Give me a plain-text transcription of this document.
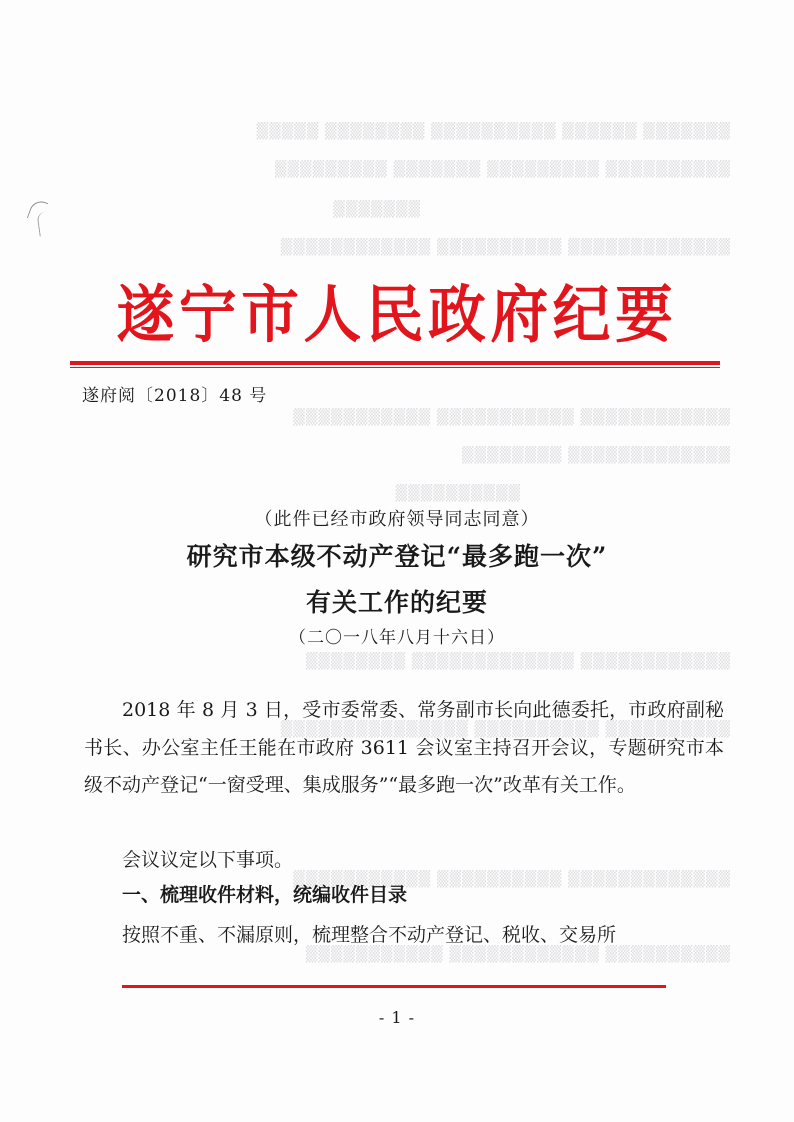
▒▒▒▒▒▒▒ ▒▒▒▒▒▒ ▒▒▒▒▒▒▒▒▒▒ ▒▒▒▒▒▒▒▒ ▒▒▒▒▒
▒▒▒▒▒▒▒▒▒▒ ▒▒▒▒▒▒▒▒▒ ▒▒▒▒▒▒▒ ▒▒▒▒▒▒▒▒▒
▒▒▒▒▒▒▒
▒▒▒▒▒▒▒▒▒▒▒▒▒ ▒▒▒▒▒▒▒▒▒▒ ▒▒▒▒▒▒▒▒▒▒▒▒
▒▒▒▒▒▒▒▒▒▒▒▒ ▒▒▒▒▒▒▒▒▒▒▒ ▒▒▒▒▒▒▒▒▒▒▒
▒▒▒▒▒▒▒▒▒▒▒▒▒ ▒▒▒▒▒▒▒▒
▒▒▒▒▒▒▒▒▒▒
▒▒▒▒▒▒▒▒▒▒▒▒ ▒▒▒▒▒▒▒▒▒▒▒▒▒ ▒▒▒▒▒▒▒▒
▒▒▒▒▒▒▒▒▒▒ ▒▒▒▒▒▒▒▒▒▒ ▒▒▒▒▒▒▒▒▒▒▒▒▒▒▒
▒▒▒▒▒▒▒▒▒▒▒▒▒ ▒▒▒▒▒▒▒▒▒▒ ▒▒▒▒▒▒▒▒▒▒▒
▒▒▒▒▒▒▒▒▒▒ ▒▒▒▒▒▒▒▒▒▒▒▒ ▒▒▒▒▒▒▒▒▒▒▒
遂宁市人民政府纪要
遂府阅〔2018〕48 号
（此件已经市政府领导同志同意）
研究市本级不动产登记“最多跑一次”
有关工作的纪要
（二〇一八年八月十六日）
2018 年 8 月 3 日，受市委常委、常务副市长向此德委托，市政府副秘书长、办公室主任王能在市政府 3611 会议室主持召开会议，专题研究市本级不动产登记“一窗受理、集成服务”“最多跑一次”改革有关工作。
会议议定以下事项。
一、梳理收件材料，统编收件目录
按照不重、不漏原则，梳理整合不动产登记、税收、交易所
- 1 -
